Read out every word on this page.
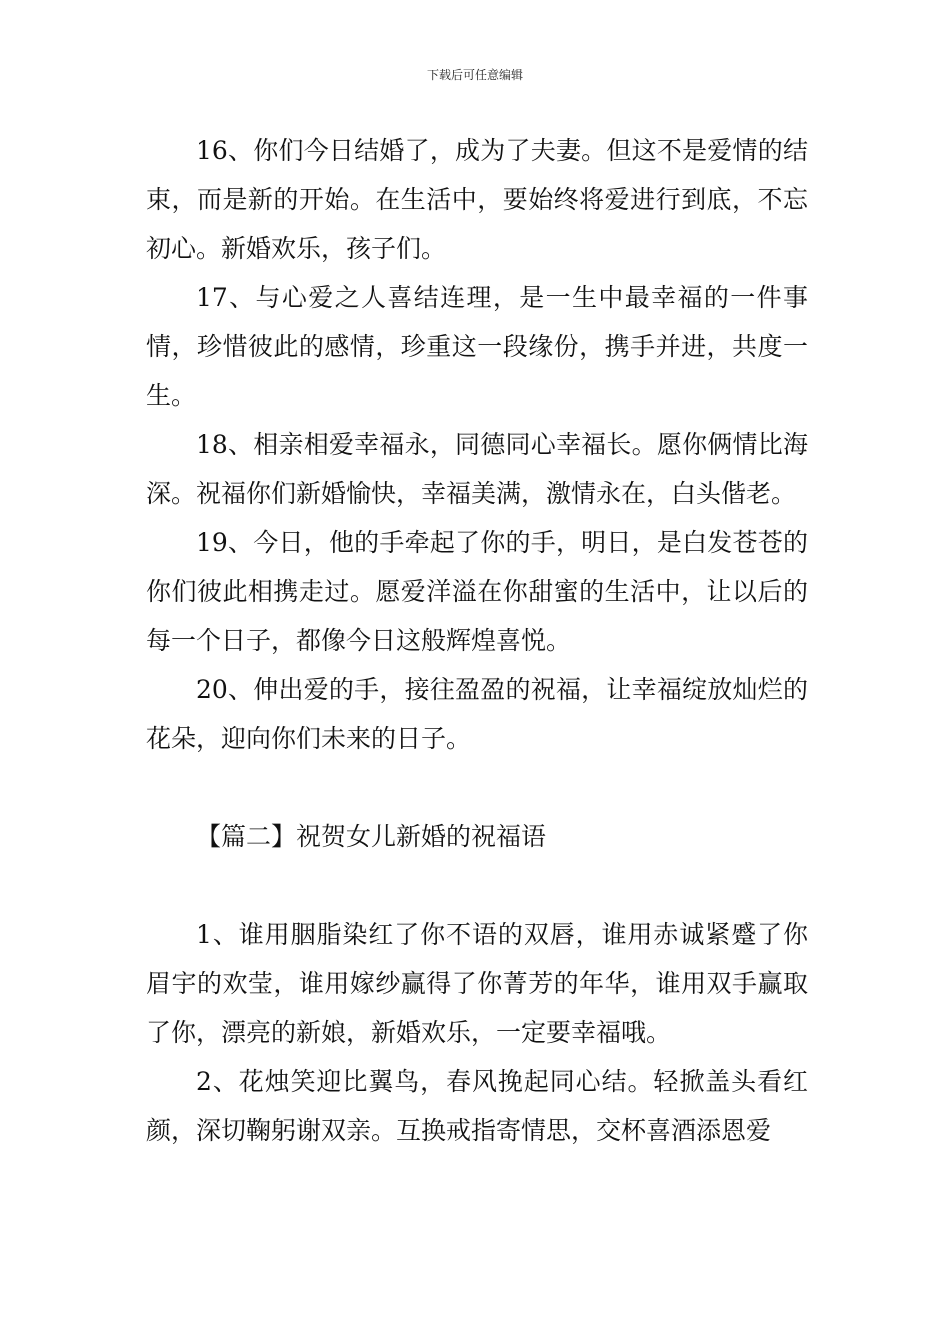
下载后可任意编辑

16、你们今日结婚了，成为了夫妻。但这不是爱情的结束，而是新的开始。在生活中，要始终将爱进行到底，不忘初心。新婚欢乐，孩子们。

17、与心爱之人喜结连理，是一生中最幸福的一件事情，珍惜彼此的感情，珍重这一段缘份，携手并进，共度一生。

18、相亲相爱幸福永，同德同心幸福长。愿你俩情比海深。祝福你们新婚愉快，幸福美满，激情永在，白头偕老。

19、今日，他的手牵起了你的手，明日，是白发苍苍的你们彼此相携走过。愿爱洋溢在你甜蜜的生活中，让以后的每一个日子，都像今日这般辉煌喜悦。

20、伸出爱的手，接往盈盈的祝福，让幸福绽放灿烂的花朵，迎向你们未来的日子。

【篇二】祝贺女儿新婚的祝福语

1、谁用胭脂染红了你不语的双唇，谁用赤诚紧蹙了你眉宇的欢莹，谁用嫁纱赢得了你菁芳的年华，谁用双手赢取了你，漂亮的新娘，新婚欢乐，一定要幸福哦。

2、花烛笑迎比翼鸟，春风挽起同心结。轻掀盖头看红颜，深切鞠躬谢双亲。互换戒指寄情思，交杯喜酒添恩爱
